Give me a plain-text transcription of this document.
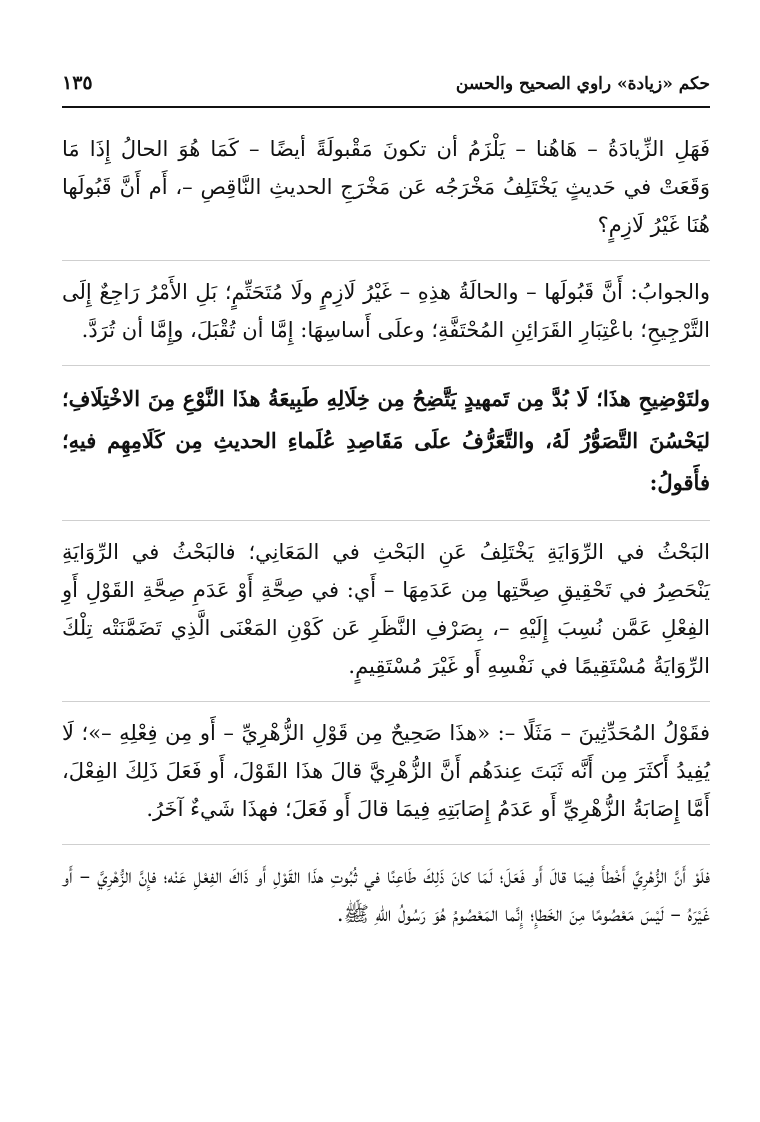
حكم «زيادة» راوي الصحيح والحسن
١٣٥

فَهَلِ الزِّيادَةُ – هَاهُنا – يَلْزَمُ أن تكونَ مَقْبولَةً أيضًا – كَمَا هُوَ الحالُ إِذَا مَا وَقَعَتْ في حَديثٍ يَخْتَلِفُ مَخْرَجُه عَن مَخْرَجِ الحديثِ النَّاقِصِ –، أَم أَنَّ قَبُولَها هُنَا غَيْرُ لَازِمٍ؟

والجوابُ: أَنَّ قَبُولَها – والحالَةُ هذِهِ – غَيْرُ لَازِمٍ ولَا مُتَحَتِّمٍ؛ بَلِ الأَمْرُ رَاجِعٌ إِلَى التَّرْجِيحِ؛ باعْتِبَارِ القَرَائِنِ المُحْتَفَّةِ؛ وعلَى أَساسِهَا: إِمَّا أن تُقْبَلَ، وإِمَّا أن تُرَدَّ.

ولتَوْضِيحِ هذَا؛ لَا بُدَّ مِن تَمهيدٍ يَتَّضِحُ مِن خِلَالِهِ طَبِيعَةُ هذَا النَّوْعِ مِنَ الاخْتِلَافِ؛ ليَحْسُنَ التَّصَوُّرُ لَهُ، والتَّعَرُّفُ علَى مَقَاصِدِ عُلَماءِ الحديثِ مِن كَلَامِهِم فيهِ؛ فأَقولُ:

البَحْثُ في الرِّوَايَةِ يَخْتَلِفُ عَنِ البَحْثِ في المَعَانِي؛ فالبَحْثُ في الرِّوَايَةِ يَنْحَصِرُ في تَحْقِيقِ صِحَّتِها مِن عَدَمِهَا – أَي: في صِحَّةِ أَوْ عَدَمِ صِحَّةِ القَوْلِ أَوِ الفِعْلِ عَمَّن نُسِبَ إِلَيْهِ –، بِصَرْفِ النَّظَرِ عَن كَوْنِ المَعْنَى الَّذِي تَضَمَّنَتْه تِلْكَ الرِّوَايَةُ مُسْتَقِيمًا في نَفْسِهِ أَو غَيْرَ مُسْتَقِيمٍ.

فقَوْلُ المُحَدِّثِينَ – مَثَلًا –: «هذَا صَحِيحٌ مِن قَوْلِ الزُّهْرِيِّ – أَو مِن فِعْلِهِ –»؛ لَا يُفِيدُ أَكثَرَ مِن أَنَّه ثَبَتَ عِندَهُم أَنَّ الزُّهْرِيَّ قالَ هذَا القَوْلَ، أَو فَعَلَ ذَلِكَ الفِعْلَ، أَمَّا إِصَابَةُ الزُّهْرِيِّ أَو عَدَمُ إِصَابَتِهِ فِيمَا قالَ أَو فَعَلَ؛ فهذَا شَيءٌ آخَرُ.

فلَوْ أَنَّ الزُّهْرِيَّ أَخْطأَ فِيمَا قالَ أَو فَعَلَ؛ لَمَا كانَ ذَلِكَ طَاعِنًا في ثُبُوتِ هذَا القَوْلِ أَو ذَاكَ الفِعْلِ عَنْه؛ فإِنَّ الزُّهْرِيَّ – أَو غَيْرَهُ – لَيْسَ مَعْصُومًا مِنَ الخَطإِ؛ إِنَّما المَعْصُومُ هُوَ رَسُولُ اللهِ ﷺ.
